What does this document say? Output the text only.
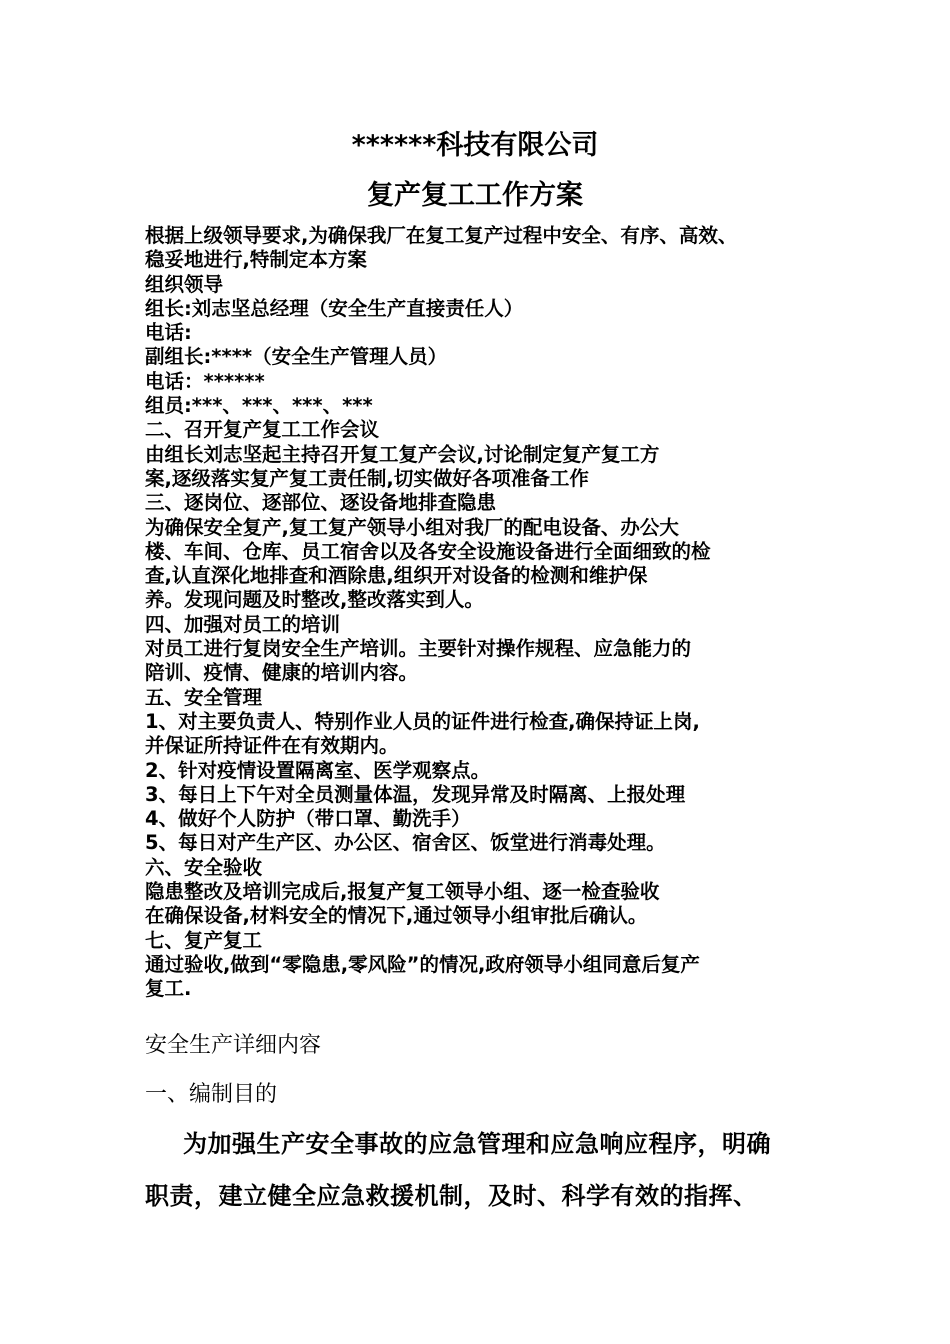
******科技有限公司
复产复工工作方案
根据上级领导要求,为确保我厂在复工复产过程中安全、有序、高效、
稳妥地进行,特制定本方案
组织领导
组长:刘志坚总经理（安全生产直接责任人）
电话:
副组长:****（安全生产管理人员）
电话：******
组员:***、***、***、***
二、召开复产复工工作会议
由组长刘志坚起主持召开复工复产会议,讨论制定复产复工方
案,逐级落实复产复工责任制,切实做好各项准备工作
三、逐岗位、逐部位、逐设备地排查隐患
为确保安全复产,复工复产领导小组对我厂的配电设备、办公大
楼、车间、仓库、员工宿舍以及各安全设施设备进行全面细致的检
查,认直深化地排查和酒除患,组织开对设备的检测和维护保
养。发现问题及时整改,整改落实到人。
四、加强对员工的培训
对员工进行复岗安全生产培训。主要针对操作规程、应急能力的
陪训、疫情、健康的培训内容。
五、安全管理
1、对主要负责人、特别作业人员的证件进行检查,确保持证上岗,
并保证所持证件在有效期内。
2、针对疫情设置隔离室、医学观察点。
3、每日上下午对全员测量体温，发现异常及时隔离、上报处理
4、做好个人防护（带口罩、勤洗手）
5、每日对产生产区、办公区、宿舍区、饭堂进行消毒处理。
六、安全验收
隐患整改及培训完成后,报复产复工领导小组、逐一检查验收
在确保设备,材料安全的情况下,通过领导小组审批后确认。
七、复产复工
通过验收,做到“零隐患,零风险”的情况,政府领导小组同意后复产
复工.
安全生产详细内容
一、编制目的
为加强生产安全事故的应急管理和应急响应程序，明确
职责，建立健全应急救援机制，及时、科学有效的指挥、
